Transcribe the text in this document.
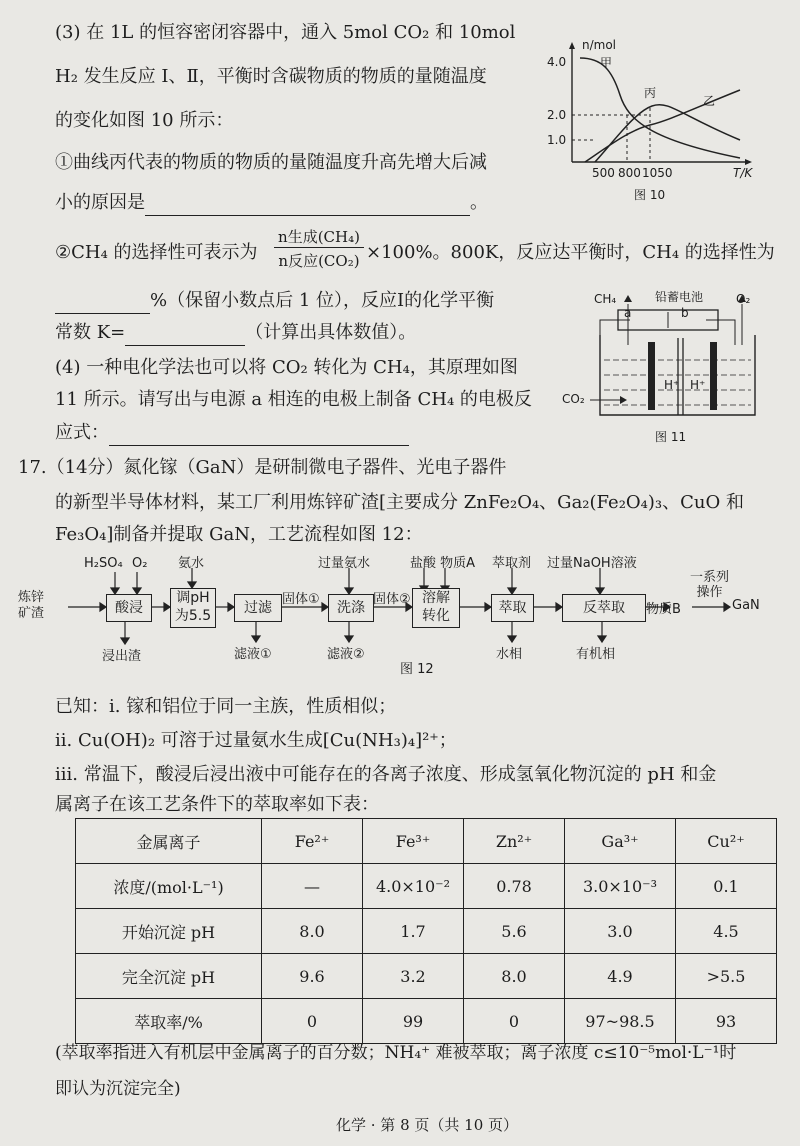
(3) 在 1L 的恒容密闭容器中，通入 5mol CO₂ 和 10mol
H₂ 发生反应 Ⅰ、Ⅱ，平衡时含碳物质的物质的量随温度
的变化如图 10 所示：
①曲线丙代表的物质的物质的量随温度升高先增大后减
小的原因是	。
②CH₄ 的选择性可表示为
n生成(CH₄)
n反应(CO₂) ×100%。800K，反应达平衡时，CH₄ 的选择性为
%（保留小数点后 1 位），反应Ⅰ的化学平衡
常数 K=	（计算出具体数值）。
(4) 一种电化学法也可以将 CO₂ 转化为 CH₄，其原理如图
11 所示。请写出与电源 a 相连的电极上制备 CH₄ 的电极反
应式：
n/mol
4.0
2.0
1.0
500 800 1050	T/K
甲
丙
乙
图 10
铅蓄电池
a	b
CH₄	O₂
CO₂
H⁺ H⁺
图 11
17.（14分）氮化镓（GaN）是研制微电子器件、光电子器件
的新型半导体材料，某工厂利用炼锌矿渣[主要成分 ZnFe₂O₄、Ga₂(Fe₂O₄)₃、CuO 和
Fe₃O₄]制备并提取 GaN，工艺流程如图 12：
炼锌
矿渣
H₂SO₄ O₂ 氨水	过量氨水	盐酸 物质A 萃取剂 过量NaOH溶液
酸浸
调pH 为5.5	过滤	洗涤
溶解 转化	萃取	反萃取
固体①	固体②
物质B
一系列
操作
GaN
浸出渣	滤液①	滤液②	水相	有机相
图 12
已知：ⅰ. 镓和铝位于同一主族，性质相似；
ⅱ. Cu(OH)₂ 可溶于过量氨水生成[Cu(NH₃)₄]²⁺；
ⅲ. 常温下，酸浸后浸出液中可能存在的各离子浓度、形成氢氧化物沉淀的 pH 和金
属离子在该工艺条件下的萃取率如下表：
金属离子	Fe²⁺	Fe³⁺	Zn²⁺	Ga³⁺	Cu²⁺
浓度/(mol·L⁻¹)	—	4.0×10⁻²	0.78	3.0×10⁻³	0.1
开始沉淀 pH	8.0	1.7	5.6	3.0	4.5
完全沉淀 pH	9.6	3.2	8.0	4.9	>5.5
萃取率/%	0	99	0	97~98.5	93
(萃取率指进入有机层中金属离子的百分数；NH₄⁺ 难被萃取；离子浓度 c≤10⁻⁵mol·L⁻¹时
即认为沉淀完全)
化学 · 第 8 页（共 10 页）
